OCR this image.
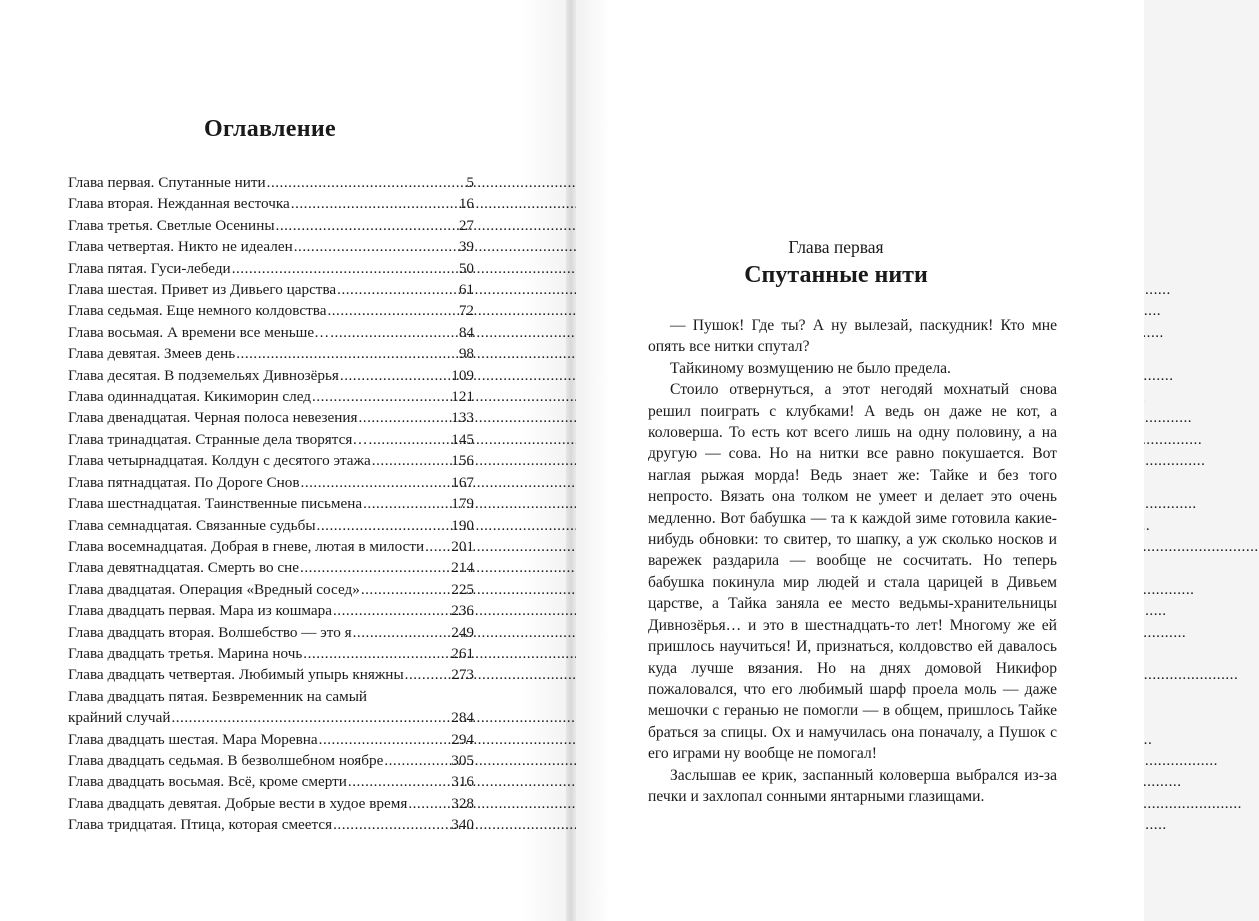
Оглавление
Глава первая. Спутанные нити .....	5
Глава вторая. Нежданная весточка .....	16
Глава третья. Светлые Осенины .....	27
Глава четвертая. Никто не идеален .....	39
Глава пятая. Гуси-лебеди .....	50
Глава шестая. Привет из Дивьего царства .....	61
Глава седьмая. Еще немного колдовства .....	72
Глава восьмая. А времени все меньше… .....	84
Глава девятая. Змеев день .....	98
Глава десятая. В подземельях Дивнозёрья .....	109
Глава одиннадцатая. Кикиморин след .....	121
Глава двенадцатая. Черная полоса невезения .....	133
Глава тринадцатая. Странные дела творятся… .....	145
Глава четырнадцатая. Колдун с десятого этажа .....	156
Глава пятнадцатая. По Дороге Снов .....	167
Глава шестнадцатая. Таинственные письмена .....	179
Глава семнадцатая. Связанные судьбы .....	190
Глава восемнадцатая. Добрая в гневе, лютая в милости ..... 201
Глава девятнадцатая. Смерть во сне .....	214
Глава двадцатая. Операция «Вредный сосед» .....	225
Глава двадцать первая. Мара из кошмара .....	236
Глава двадцать вторая. Волшебство — это я .....	249
Глава двадцать третья. Марина ночь .....	261
Глава двадцать четвертая. Любимый упырь княжны .....	273
Глава двадцать пятая. Безвременник на самый
крайний случай .....	284
Глава двадцать шестая. Мара Моревна .....	294
Глава двадцать седьмая. В безволшебном ноябре .....	305
Глава двадцать восьмая. Всё, кроме смерти .....	316
Глава двадцать девятая. Добрые вести в худое время .....	328
Глава тридцатая. Птица, которая смеется .....	340
Глава первая
Спутанные нити

— Пушок! Где ты? А ну вылезай, паскудник! Кто мне опять все нитки спутал?

Тайкиному возмущению не было предела.

Стоило отвернуться, а этот негодяй мохнатый снова решил поиграть с клубками! А ведь он даже не кот, а коловерша. То есть кот всего лишь на одну половину, а на другую — сова. Но на нитки все равно покушается. Вот наглая рыжая морда! Ведь знает же: Тайке и без того непросто. Вязать она толком не умеет и делает это очень медленно. Вот бабушка — та к каждой зиме готовила какие-нибудь обновки: то свитер, то шапку, а уж сколько носков и варежек раздарила — вообще не сосчитать. Но теперь бабушка покинула мир людей и стала царицей в Дивьем царстве, а Тайка заняла ее место ведьмы-хранительницы Дивнозёрья… и это в шестнадцать-то лет! Многому же ей пришлось научиться! И, признаться, колдовство ей давалось куда лучше вязания. Но на днях домовой Никифор пожаловался, что его любимый шарф проела моль — даже мешочки с геранью не помогли — в общем, пришлось Тайке браться за спицы. Ох и намучилась она поначалу, а Пушок с его играми ну вообще не помогал!

Заслышав ее крик, заспанный коловерша выбрался из-за печки и захлопал сонными янтарными глазищами.
